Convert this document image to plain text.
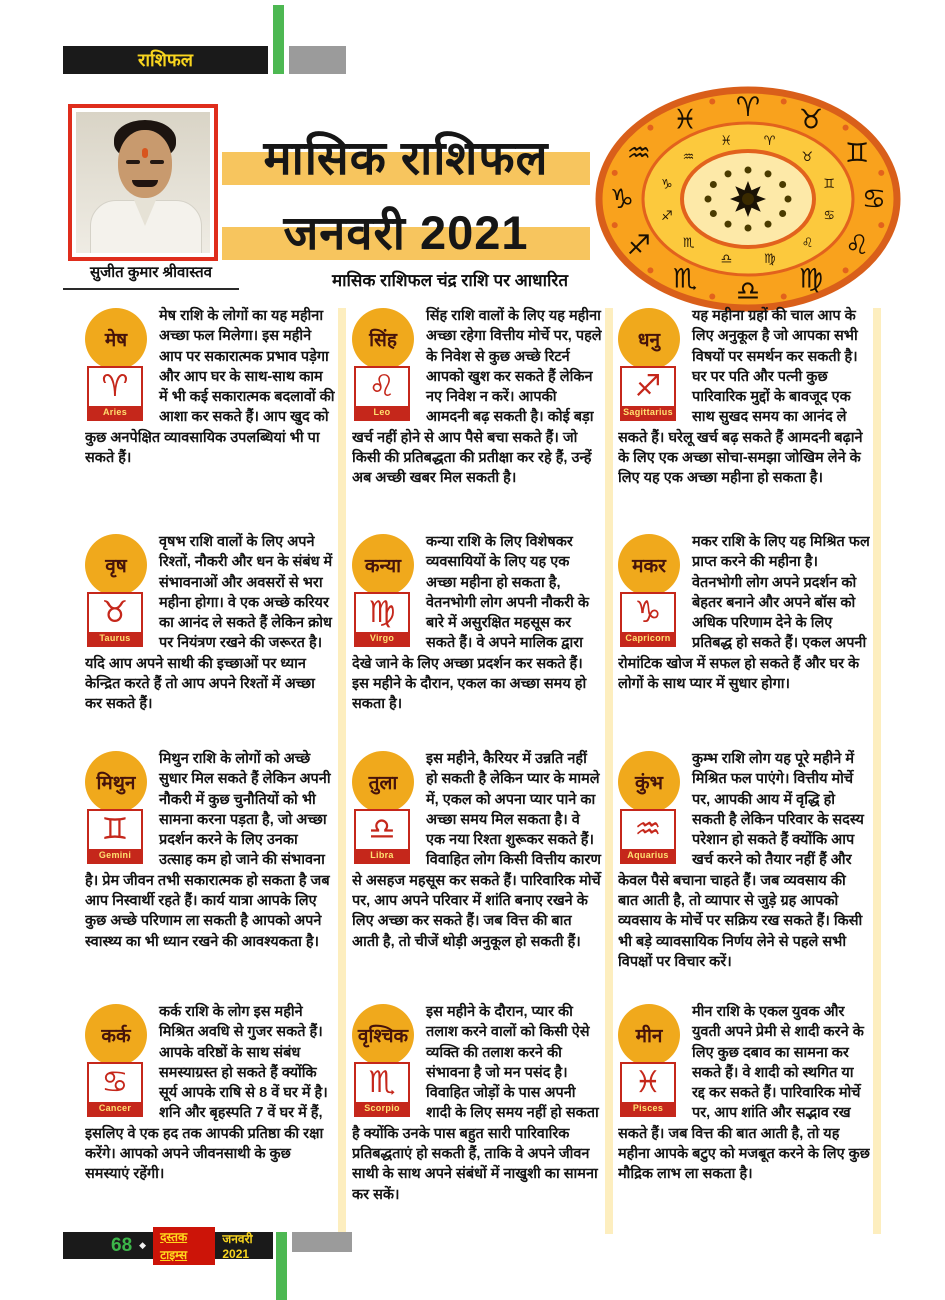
राशिफल
सुजीत कुमार श्रीवास्तव
मासिक राशिफल
जनवरी 2021
मासिक राशिफल चंद्र राशि पर आधारित
♈
♈
♉
♉ ♊
♊
♋
♋
♌
♌
♍
♍
♎
♎
♏
♏
♐
♐
♑
♑
♒ ♒
♓
♓
मेष
♈
Aries

मेष राशि के लोगों का यह महीना अच्छा फल मिलेगा। इस महीने आप पर सकारात्मक प्रभाव पड़ेगा और आप घर के साथ-साथ काम में भी कई सकारात्मक बदलावों की आशा कर सकते हैं। आप खुद को कुछ अनपेक्षित व्यावसायिक उपलब्धियां भी पा सकते हैं।

वृष
♉
Taurus

वृषभ राशि वालों के लिए अपने रिश्तों, नौकरी और धन के संबंध में संभावनाओं और अवसरों से भरा महीना होगा। वे एक अच्छे करियर का आनंद ले सकते हैं लेकिन क्रोध पर नियंत्रण रखने की जरूरत है। यदि आप अपने साथी की इच्छाओं पर ध्यान केन्द्रित करते हैं तो आप अपने रिश्तों में अच्छा कर सकते हैं।

मिथुन
♊
Gemini

मिथुन राशि के लोगों को अच्छे सुधार मिल सकते हैं लेकिन अपनी नौकरी में कुछ चुनौतियों को भी सामना करना पड़ता है, जो अच्छा प्रदर्शन करने के लिए उनका उत्साह कम हो जाने की संभावना है। प्रेम जीवन तभी सकारात्मक हो सकता है जब आप निस्वार्थी रहते हैं। कार्य यात्रा आपके लिए कुछ अच्छे परिणाम ला सकती है आपको अपने स्वास्थ्य का भी ध्यान रखने की आवश्यकता है।

कर्क
♋
Cancer

कर्क राशि के लोग इस महीने मिश्रित अवधि से गुजर सकते हैं। आपके वरिष्ठों के साथ संबंध समस्याग्रस्त हो सकते हैं क्योंकि सूर्य आपके राषि से 8 वें घर में है। शनि और बृहस्पति 7 वें घर में हैं, इसलिए वे एक हद तक आपकी प्रतिष्ठा की रक्षा करेंगे। आपको अपने जीवनसाथी के कुछ समस्याएं रहेंगी।

सिंह
♌
Leo

सिंह राशि वालों के लिए यह महीना अच्छा रहेगा वित्तीय मोर्चे पर, पहले के निवेश से कुछ अच्छे रिटर्न आपको खुश कर सकते हैं लेकिन नए निवेश न करें। आपकी आमदनी बढ़ सकती है। कोई बड़ा खर्च नहीं होने से आप पैसे बचा सकते हैं। जो किसी की प्रतिबद्धता की प्रतीक्षा कर रहे हैं, उन्हें अब अच्छी खबर मिल सकती है।

कन्या
♍
Virgo

कन्या राशि के लिए विशेषकर व्यवसायियों के लिए यह एक अच्छा महीना हो सकता है, वेतनभोगी लोग अपनी नौकरी के बारे में असुरक्षित महसूस कर सकते हैं। वे अपने मालिक द्वारा देखे जाने के लिए अच्छा प्रदर्शन कर सकते हैं। इस महीने के दौरान, एकल का अच्छा समय हो सकता है।

तुला
♎
Libra

इस महीने, कैरियर में उन्नति नहीं हो सकती है लेकिन प्यार के मामले में, एकल को अपना प्यार पाने का अच्छा समय मिल सकता है। वे एक नया रिश्ता शुरूकर सकते हैं। विवाहित लोग किसी वित्तीय कारण से असहज महसूस कर सकते हैं। पारिवारिक मोर्चे पर, आप अपने परिवार में शांति बनाए रखने के लिए अच्छा कर सकते हैं। जब वित्त की बात आती है, तो चीजें थोड़ी अनुकूल हो सकती हैं।

वृश्चिक
♏
Scorpio

इस महीने के दौरान, प्यार की तलाश करने वालों को किसी ऐसे व्यक्ति की तलाश करने की संभावना है जो मन पसंद है। विवाहित जोड़ों के पास अपनी शादी के लिए समय नहीं हो सकता है क्योंकि उनके पास बहुत सारी पारिवारिक प्रतिबद्धताएं हो सकती हैं, ताकि वे अपने जीवन साथी के साथ अपने संबंधों में नाखुशी का सामना कर सकें।

धनु
♐
Sagittarius

यह महीना ग्रहों की चाल आप के लिए अनुकूल है जो आपका सभी विषयों पर समर्थन कर सकती है। घर पर पति और पत्नी कुछ पारिवारिक मुद्दों के बावजूद एक साथ सुखद समय का आनंद ले सकते हैं। घरेलू खर्च बढ़ सकते हैं आमदनी बढ़ाने के लिए एक अच्छा सोचा-समझा जोखिम लेने के लिए यह एक अच्छा महीना हो सकता है।

मकर
♑
Capricorn

मकर राशि के लिए यह मिश्रित फल प्राप्त करने की महीना है। वेतनभोगी लोग अपने प्रदर्शन को बेहतर बनाने और अपने बॉस को अधिक परिणाम देने के लिए प्रतिबद्ध हो सकते हैं। एकल अपनी रोमांटिक खोज में सफल हो सकते हैं और घर के लोगों के साथ प्यार में सुधार होगा।

कुंभ
♒
Aquarius

कुम्भ राशि लोग यह पूरे महीने में मिश्रित फल पाएंगे। वित्तीय मोर्चे पर, आपकी आय में वृद्धि हो सकती है लेकिन परिवार के सदस्य परेशान हो सकते हैं क्योंकि आप खर्च करने को तैयार नहीं हैं और केवल पैसे बचाना चाहते हैं। जब व्यवसाय की बात आती है, तो व्यापार से जुड़े ग्रह आपको व्यवसाय के मोर्चे पर सक्रिय रख सकते हैं। किसी भी बड़े व्यावसायिक निर्णय लेने से पहले सभी विपक्षों पर विचार करें।

मीन
♓
Pisces

मीन राशि के एकल युवक और युवती अपने प्रेमी से शादी करने के लिए कुछ दबाव का सामना कर सकते हैं। वे शादी को स्थगित या रद्द कर सकते हैं। पारिवारिक मोर्चे पर, आप शांति और सद्भाव रख सकते हैं। जब वित्त की बात आती है, तो यह महीना आपके बटुए को मजबूत करने के लिए कुछ मौद्रिक लाभ ला सकता है।

68 ◆
दस्तक टाइम्स
जनवरी 2021
